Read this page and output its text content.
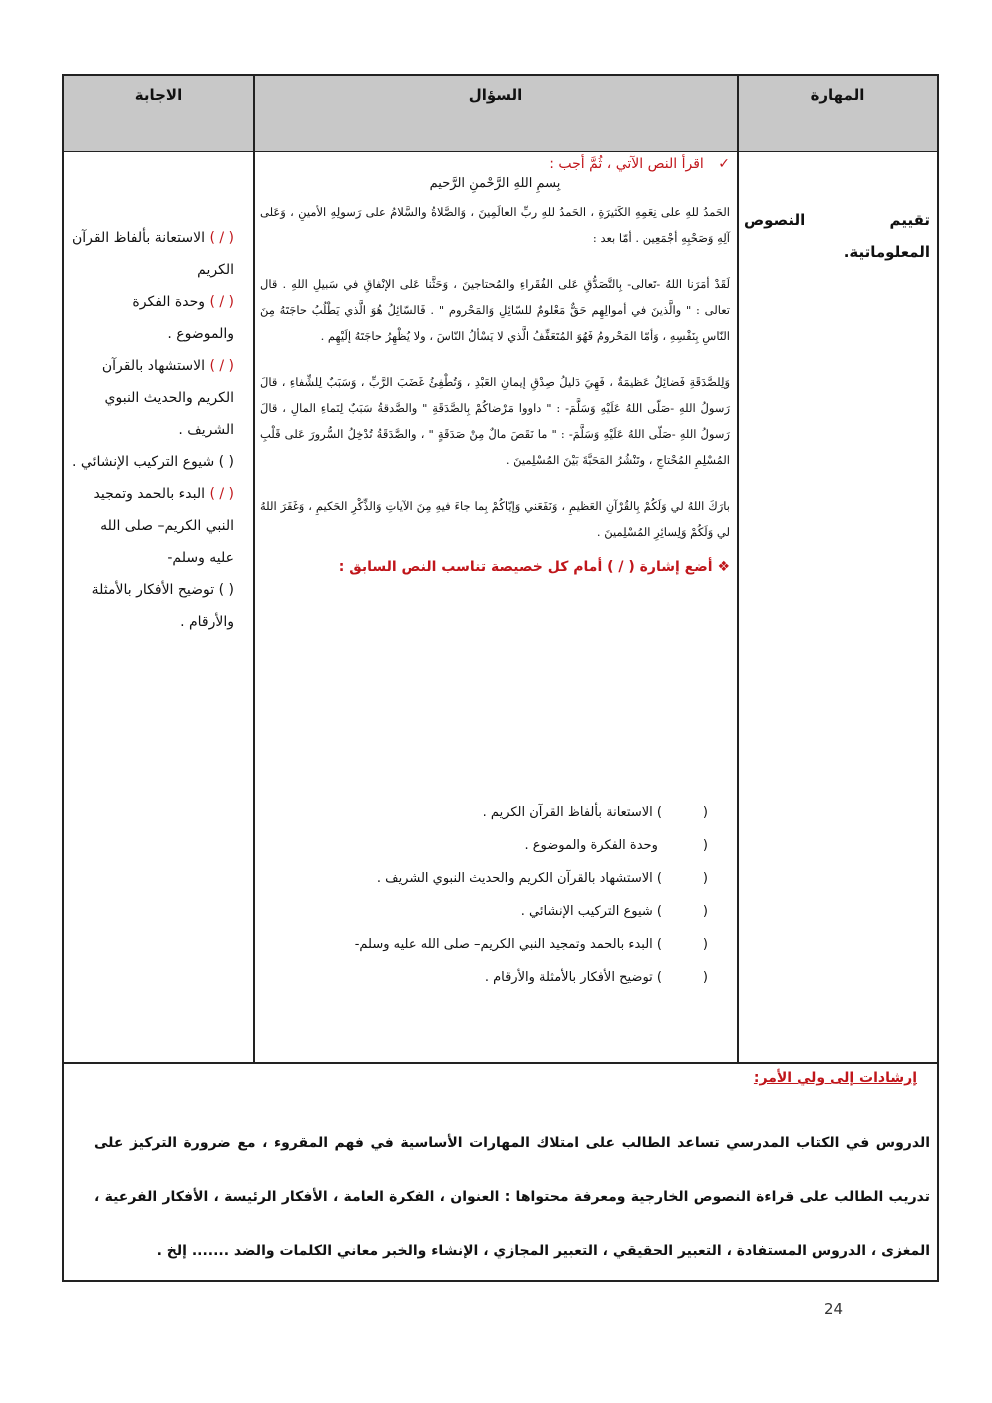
الاجابة	السؤال	المهارة
تقييم النصوص المعلوماتية.
( / ) الاستعانة بألفاظ القرآن الكريم
( / ) وحدة الفكرة والموضوع .
( / ) الاستشهاد بالقرآن الكريم والحديث النبوي الشريف .
( ) شيوع التركيب الإنشائي .
( / ) البدء بالحمد وتمجيد النبي الكريم– صلى الله عليه وسلم-
( ) توضيح الأفكار بالأمثلة والأرقام .
✓ اقرأ النص الآتي ، ثُمَّ أجب :
بِسمِ اللهِ الرَّحْمنِ الرَّحيم
الحَمدُ للهِ على نِعَمِهِ الكَثيرَةِ ، الحَمدُ للهِ ربِّ العالَمِينَ ، وَالصَّلاةُ والسَّلامُ على رَسولِهِ الأمينِ ، وَعَلى آلِهِ وَصَحْبِهِ أجْمَعِين . أمّا بعد :
لَقَدْ أمَرَنا اللهُ -تَعالى- بِالتَّصَدُّقِ عَلى الفُقَراءِ والمُحتاجينَ ، وَحَثَّنا عَلى الإنْفاقِ في سَبيلِ اللهِ . قال تعالى : " والَّذينَ في أموالِهِم حَقٌّ مَعْلومٌ للسّائِلِ وَالمَحْروم " . فَالسّائِلُ هُوَ الَّذي يَطْلُبُ حاجَتَهُ مِنَ النّاسِ بِنَفْسِهِ ، وَأمّا المَحْرومُ فَهُوَ المُتَعَفِّفُ الَّذي لا يَسْألُ النّاسَ ، ولا يُظْهِرُ حاجَتَهُ إلَيْهِم .
وَلِلصَّدَقَةِ فَضائِلُ عَظيمَةٌ ، فَهِيَ دَليلُ صِدْقِ إيمانِ العَبْدِ ، وَتُطْفِئُ غَضَبَ الرَّبِّ ، وَسَبَبٌ لِلشِّفاءِ ، قالَ رَسولُ اللهِ -صَلّى اللهُ عَلَيْهِ وَسَلَّمَ- : " داووا مَرْضاكُمْ بِالصَّدَقَةِ " والصَّدقةُ سَبَبٌ لِنَماءِ المالِ ، قالَ رَسولُ اللهِ -صَلّى اللهُ عَلَيْهِ وَسَلَّمَ- : " ما نَقَصَ مالٌ مِنْ صَدَقَةٍ " ، والصَّدَقَةُ تُدْخِلُ السُّرورَ عَلى قَلْبِ المُسْلِمِ المُحْتاجِ ، وتَنْشُرُ المَحَبَّةَ بَيْنَ المُسْلِمينَ .
بارَكَ اللهُ لي وَلَكُمْ بِالقُرْآنِ العَظيمِ ، وَنَفَعَني وَإيّاكُمْ بِما جاءَ فيهِ مِنَ الآياتِ وَالذِّكْرِ الحَكيمِ ، وَغَفَرَ اللهُ لي وَلَكُمْ وَلِسائِرِ المُسْلِمينَ .
❖ أضع إشارة ( / ) أمام كل خصيصة تناسب النص السابق :
() الاستعانة بألفاظ القرآن الكريم .
( وحدة الفكرة والموضوع .
() الاستشهاد بالقرآن الكريم والحديث النبوي الشريف .
() شيوع التركيب الإنشائي .
() البدء بالحمد وتمجيد النبي الكريم– صلى الله عليه وسلم-
() توضيح الأفكار بالأمثلة والأرقام .
إرشادات إلى ولي الأمر:
الدروس في الكتاب المدرسي تساعد الطالب على امتلاك المهارات الأساسية في فهم المقروء ، مع ضرورة التركيز على تدريب الطالب على قراءة النصوص الخارجية ومعرفة محتواها : العنوان ، الفكرة العامة ، الأفكار الرئيسة ، الأفكار الفرعية ، المغزى ، الدروس المستفادة ، التعبير الحقيقي ، التعبير المجازي ، الإنشاء والخبر معاني الكلمات والضد ....... إلخ .
24
